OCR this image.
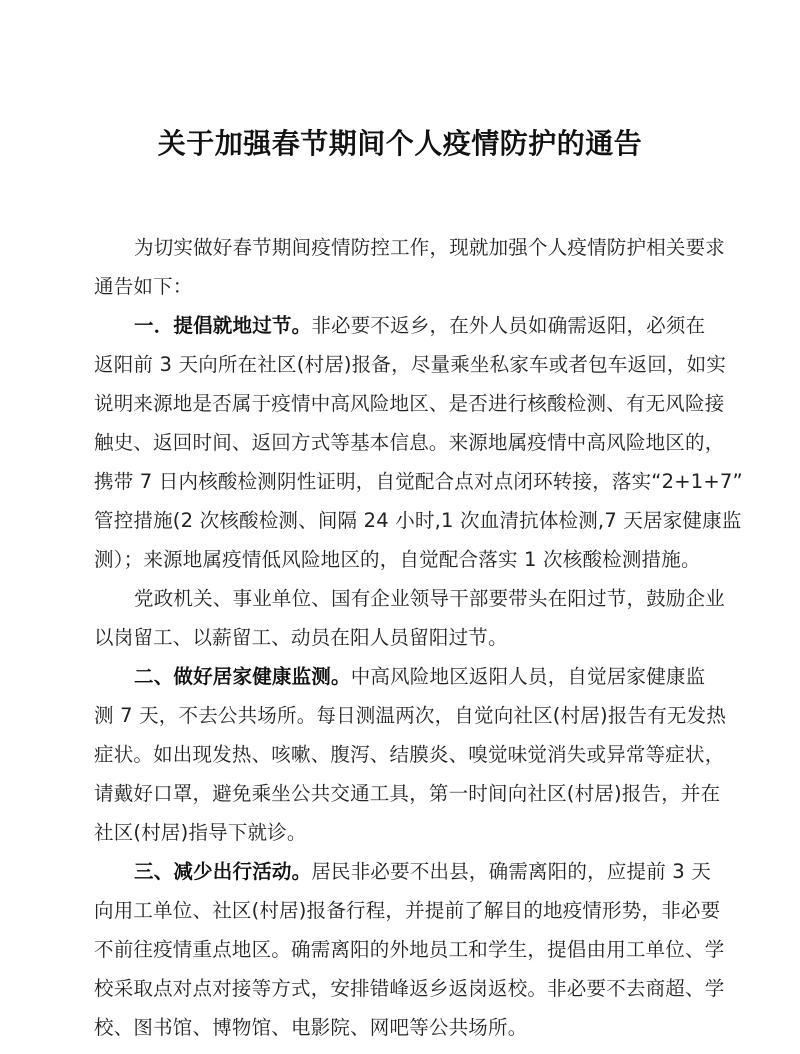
关于加强春节期间个人疫情防护的通告
为切实做好春节期间疫情防控工作，现就加强个人疫情防护相关要求
通告如下：
一．提倡就地过节。非必要不返乡，在外人员如确需返阳，必须在
返阳前 3 天向所在社区(村居)报备，尽量乘坐私家车或者包车返回，如实
说明来源地是否属于疫情中高风险地区、是否进行核酸检测、有无风险接
触史、返回时间、返回方式等基本信息。来源地属疫情中高风险地区的，
携带 7 日内核酸检测阴性证明，自觉配合点对点闭环转接，落实“2+1+7”
管控措施(2 次核酸检测、间隔 24 小时,1 次血清抗体检测,7 天居家健康监
测）；来源地属疫情低风险地区的，自觉配合落实 1 次核酸检测措施。
党政机关、事业单位、国有企业领导干部要带头在阳过节，鼓励企业
以岗留工、以薪留工、动员在阳人员留阳过节。
二、做好居家健康监测。中高风险地区返阳人员，自觉居家健康监
测 7 天，不去公共场所。每日测温两次，自觉向社区(村居)报告有无发热
症状。如出现发热、咳嗽、腹泻、结膜炎、嗅觉味觉消失或异常等症状，
请戴好口罩，避免乘坐公共交通工具，第一时间向社区(村居)报告，并在
社区(村居)指导下就诊。
三、减少出行活动。居民非必要不出县，确需离阳的，应提前 3 天
向用工单位、社区(村居)报备行程，并提前了解目的地疫情形势，非必要
不前往疫情重点地区。确需离阳的外地员工和学生，提倡由用工单位、学
校采取点对点对接等方式，安排错峰返乡返岗返校。非必要不去商超、学
校、图书馆、博物馆、电影院、网吧等公共场所。
